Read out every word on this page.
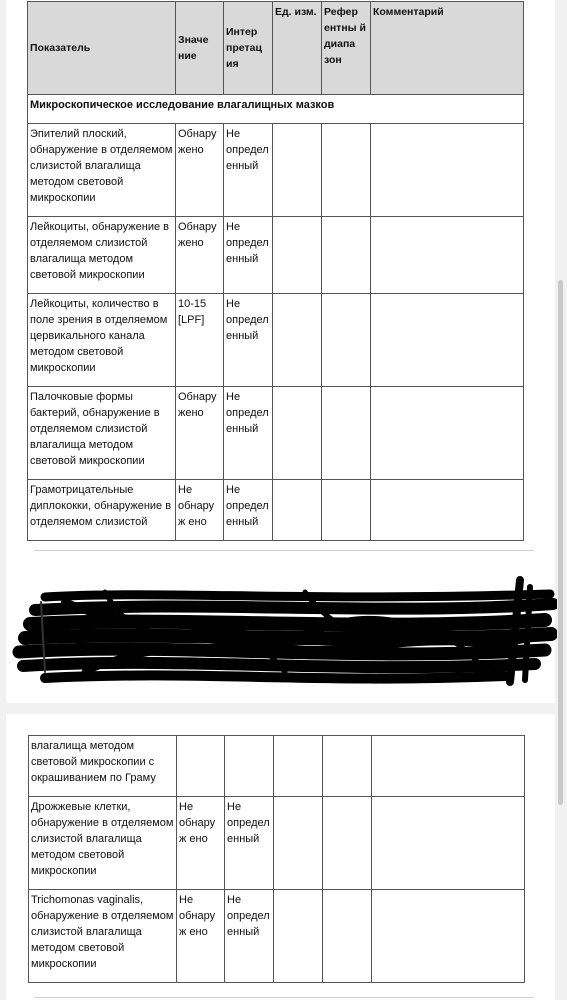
Показатель	Значе ние	Интер претац ия	Ед. изм.	Рефер ентны й диапа зон	Комментарий
Микроскопическое исследование влагалищных мазков					
Эпителий плоский, обнаружение в отделяемом слизистой влагалища методом световой микроскопии	Обнару жено	Не определ енный			
Лейкоциты, обнаружение в отделяемом слизистой влагалища методом световой микроскопии	Обнару жено	Не определ енный			
Лейкоциты, количество в поле зрения в отделяемом цервикального канала методом световой микроскопии	10-15 [LPF]	Не определ енный			
Палочковые формы бактерий, обнаружение в отделяемом слизистой влагалища методом световой микроскопии	Обнару жено	Не определ енный			
Грамотрицательные диплококки, обнаружение в отделяемом слизистой	Не обнаруж ено	Не определ енный			
влагалища методом световой микроскопии с окрашиванием по Граму					
Дрожжевые клетки, обнаружение в отделяемом слизистой влагалища методом световой микроскопии	Не обнаруж ено	Не определ енный			
Trichomonas vaginalis, обнаружение в отделяемом слизистой влагалища методом световой микроскопии	Не обнаруж ено	Не определ енный			
